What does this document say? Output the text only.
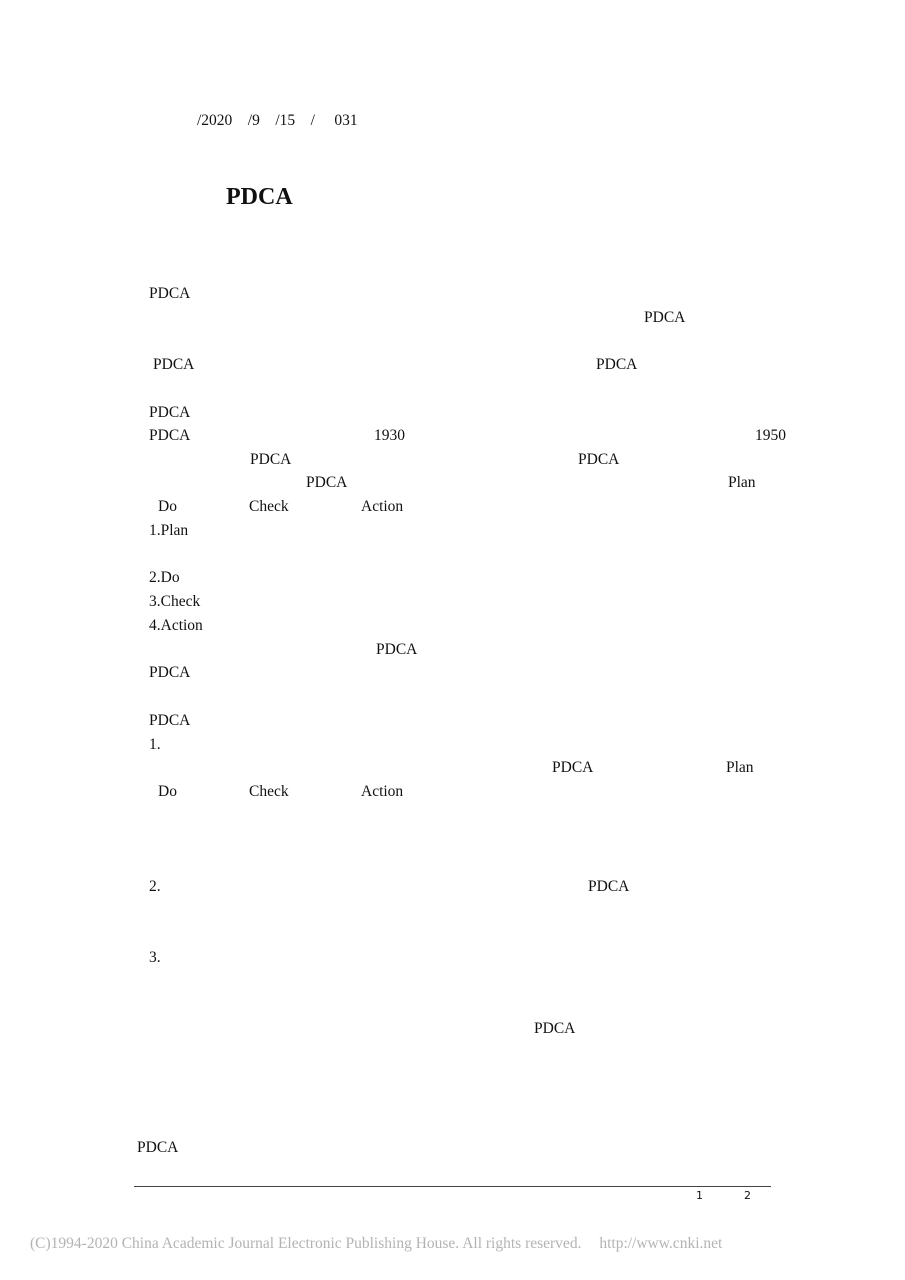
/2020    /9    /15    /     031
PDCA
PDCA
PDCA
PDCA	PDCA
PDCA
PDCA	1930	1950
PDCA	PDCA
PDCA	Plan
Do	Check	Action
1.Plan
2.Do
3.Check
4.Action
PDCA
PDCA
PDCA
1.
PDCA	Plan
Do	Check	Action
2.	PDCA
3.
PDCA
PDCA
1	2
(C)1994-2020 China Academic Journal Electronic Publishing House. All rights reserved. http://www.cnki.net
